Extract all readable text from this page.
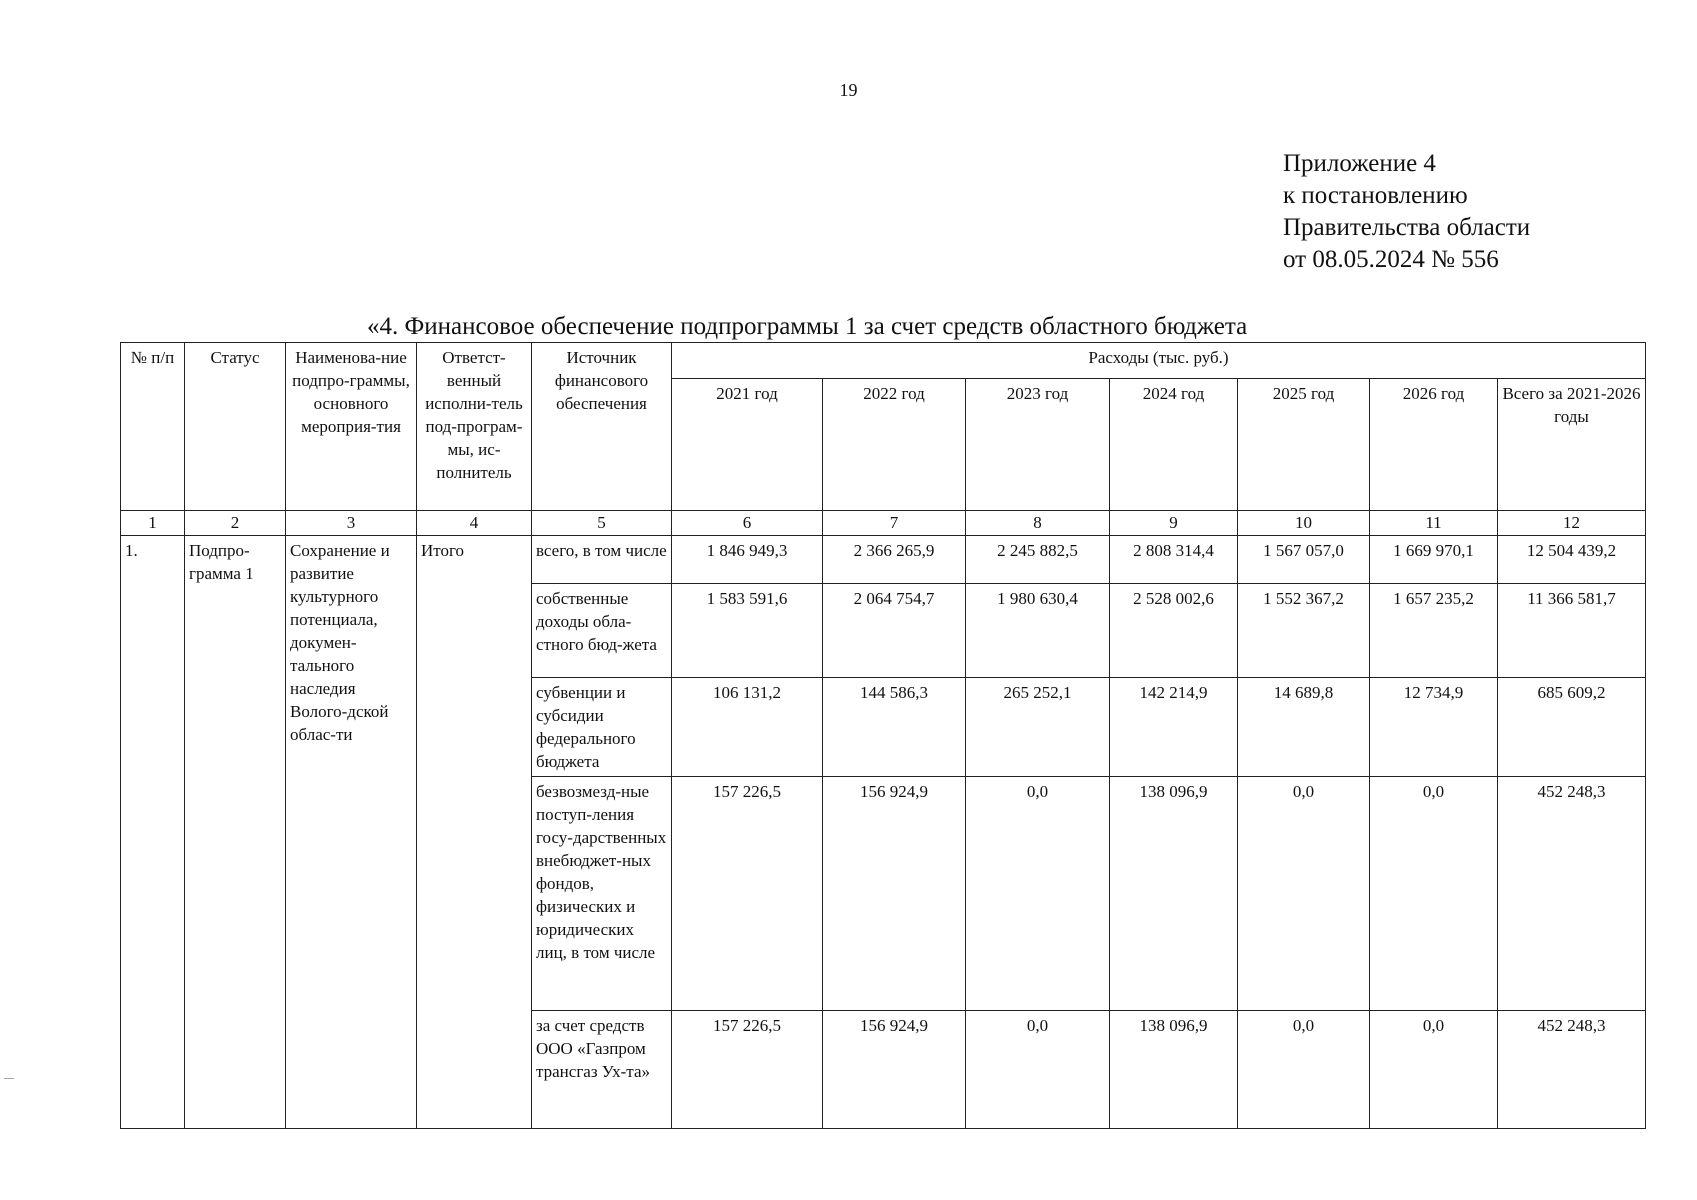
19
Приложение 4
к постановлению
Правительства области
от 08.05.2024 № 556
«4. Финансовое обеспечение подпрограммы 1 за счет средств областного бюджета
—
№ п/п	Статус	Наименова-ние подпро-граммы, основного мероприя-тия	Ответст-венный исполни-тель под-програм-мы, ис-полнитель	Источник финансового обеспечения	Расходы (тыс. руб.)						
					2021 год	2022 год	2023 год	2024 год	2025 год	2026 год	Всего за 2021-2026 годы
1	2	3	4	5	6	7	8	9	10	11	12
1.	Подпро-грамма 1	Сохранение и развитие культурного потенциала, докумен-тального наследия Волого-дской облас-ти	Итого	всего, в том числе	1 846 949,3	2 366 265,9	2 245 882,5	2 808 314,4	1 567 057,0	1 669 970,1	12 504 439,2
				собственные доходы обла-стного бюд-жета	1 583 591,6	2 064 754,7	1 980 630,4	2 528 002,6	1 552 367,2	1 657 235,2	11 366 581,7
				субвенции и субсидии федерального бюджета	106 131,2	144 586,3	265 252,1	142 214,9	14 689,8	12 734,9	685 609,2
				безвозмезд-ные поступ-ления госу-дарственных внебюджет-ных фондов, физических и юридических лиц, в том числе	157 226,5	156 924,9	0,0	138 096,9	0,0	0,0	452 248,3
				за счет средств ООО «Газпром трансгаз Ух-та»	157 226,5	156 924,9	0,0	138 096,9	0,0	0,0	452 248,3
